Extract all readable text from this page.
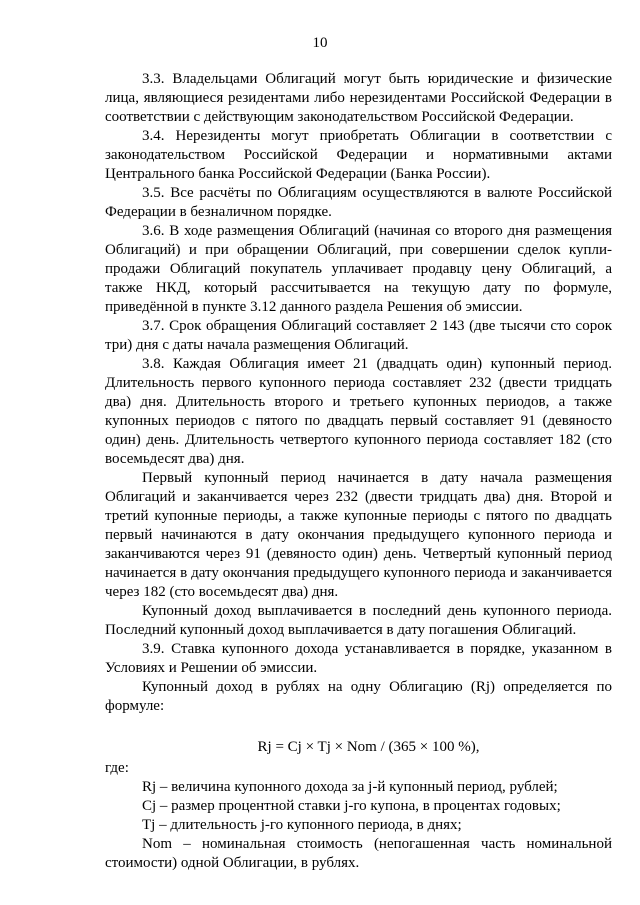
10

3.3. Владельцами Облигаций могут быть юридические и физические лица, являющиеся резидентами либо нерезидентами Российской Федерации в соответствии с действующим законодательством Российской Федерации.

3.4. Нерезиденты могут приобретать Облигации в соответствии с законодательством Российской Федерации и нормативными актами Центрального банка Российской Федерации (Банка России).

3.5. Все расчёты по Облигациям осуществляются в валюте Российской Федерации в безналичном порядке.

3.6. В ходе размещения Облигаций (начиная со второго дня размещения Облигаций) и при обращении Облигаций, при совершении сделок купли-продажи Облигаций покупатель уплачивает продавцу цену Облигаций, а также НКД, который рассчитывается на текущую дату по формуле, приведённой в пункте 3.12 данного раздела Решения об эмиссии.

3.7. Срок обращения Облигаций составляет 2 143 (две тысячи сто сорок три) дня с даты начала размещения Облигаций.

3.8. Каждая Облигация имеет 21 (двадцать один) купонный период. Длительность первого купонного периода составляет 232 (двести тридцать два) дня. Длительность второго и третьего купонных периодов, а также купонных периодов с пятого по двадцать первый составляет 91 (девяносто один) день. Длительность четвертого купонного периода составляет 182 (сто восемьдесят два) дня.

Первый купонный период начинается в дату начала размещения Облигаций и заканчивается через 232 (двести тридцать два) дня. Второй и третий купонные периоды, а также купонные периоды с пятого по двадцать первый начинаются в дату окончания предыдущего купонного периода и заканчиваются через 91 (девяносто один) день. Четвертый купонный период начинается в дату окончания предыдущего купонного периода и заканчивается через 182 (сто восемьдесят два) дня.

Купонный доход выплачивается в последний день купонного периода. Последний купонный доход выплачивается в дату погашения Облигаций.

3.9. Ставка купонного дохода устанавливается в порядке, указанном в Условиях и Решении об эмиссии.

Купонный доход в рублях на одну Облигацию (Rj) определяется по формуле:

Rj = Cj × Tj × Nom / (365 × 100 %),

где:

Rj – величина купонного дохода за j-й купонный период, рублей;

Cj – размер процентной ставки j-го купона, в процентах годовых;

Tj – длительность j-го купонного периода, в днях;

Nom – номинальная стоимость (непогашенная часть номинальной стоимости) одной Облигации, в рублях.
